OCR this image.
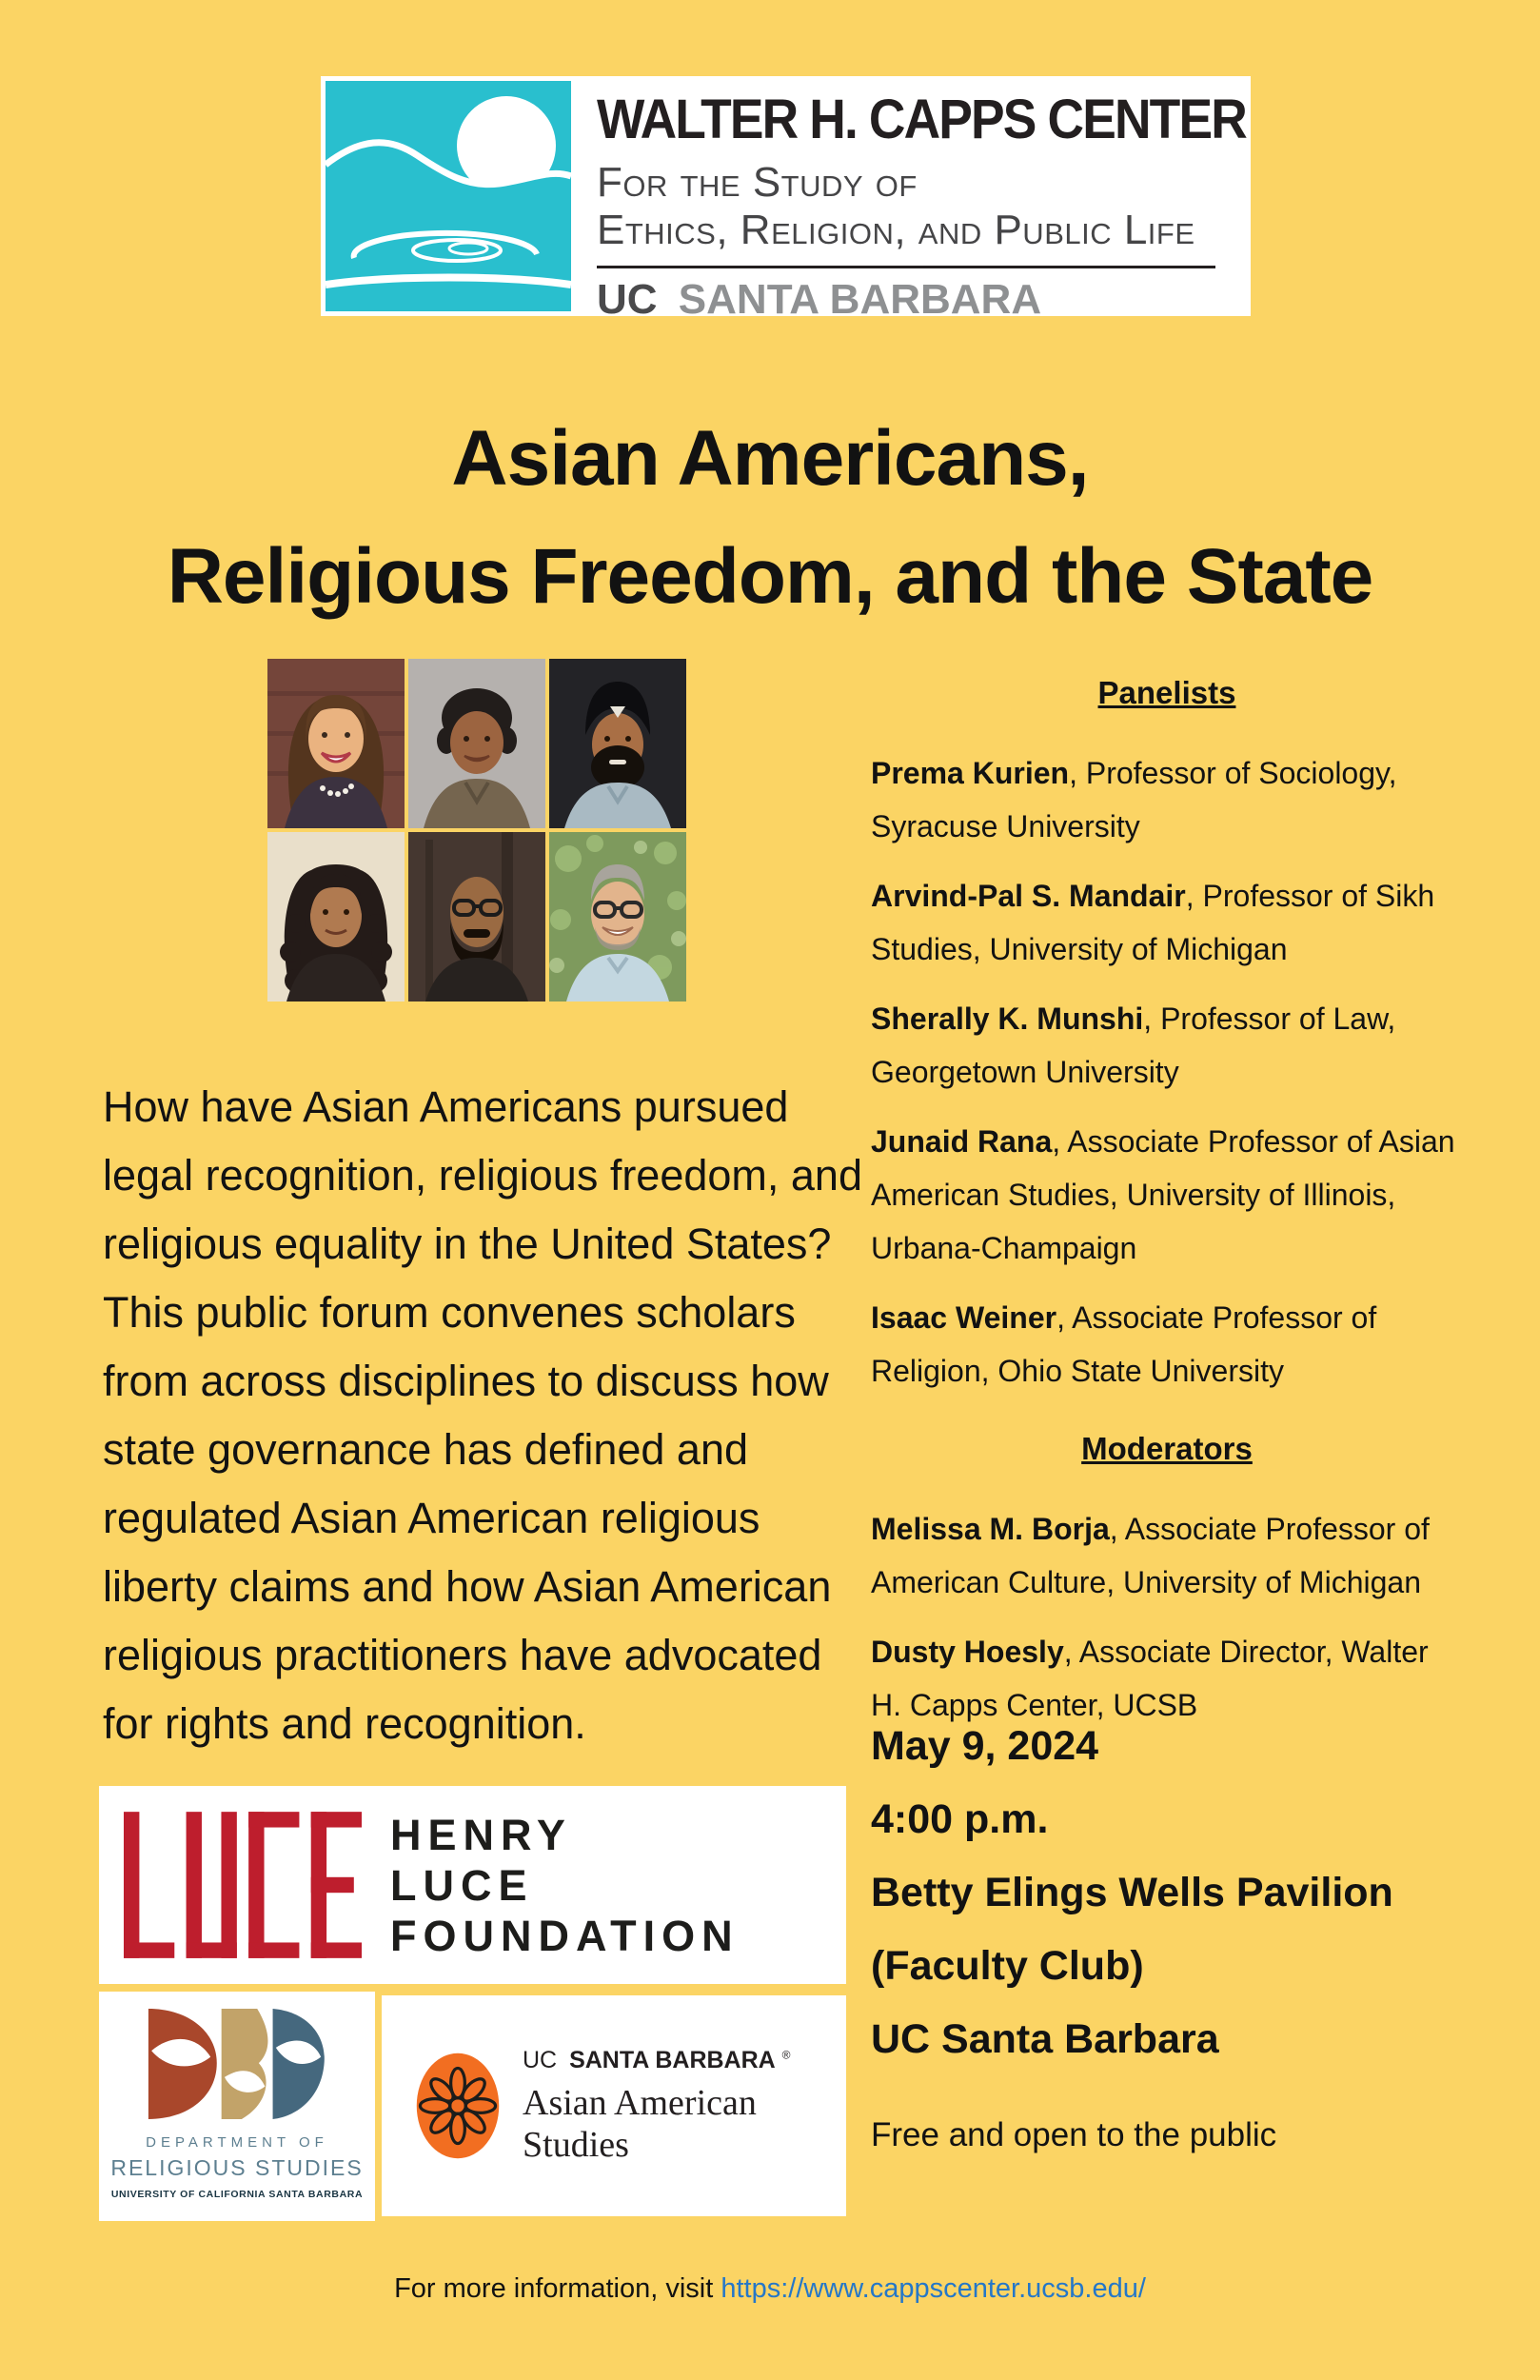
WALTER H. CAPPS CENTER
For the Study of
Ethics, Religion, and Public Life
UC SANTA BARBARA
Asian Americans,
Religious Freedom, and the State

How have Asian Americans pursued legal recognition, religious freedom, and religious equality in the United States? This public forum convenes scholars from across disciplines to discuss how state governance has defined and regulated Asian American religious liberty claims and how Asian American religious practitioners have advocated for rights and recognition.

Panelists

Prema Kurien, Professor of Sociology, Syracuse University

Arvind-Pal S. Mandair, Professor of Sikh Studies, University of Michigan

Sherally K. Munshi, Professor of Law, Georgetown University

Junaid Rana, Associate Professor of Asian American Studies, University of Illinois, Urbana-Champaign

Isaac Weiner, Associate Professor of Religion, Ohio State University

Moderators

Melissa M. Borja, Associate Professor of American Culture, University of Michigan

Dusty Hoesly, Associate Director, Walter H. Capps Center, UCSB

May 9, 2024
4:00 p.m.
Betty Elings Wells Pavilion
(Faculty Club)
UC Santa Barbara
Free and open to the public
HENRY
LUCE
FOUNDATION
DEPARTMENT OF
RELIGIOUS STUDIES
UNIVERSITY OF CALIFORNIA SANTA BARBARA
UC SANTA BARBARA ®
Asian American Studies
For more information, visit https://www.cappscenter.ucsb.edu/
